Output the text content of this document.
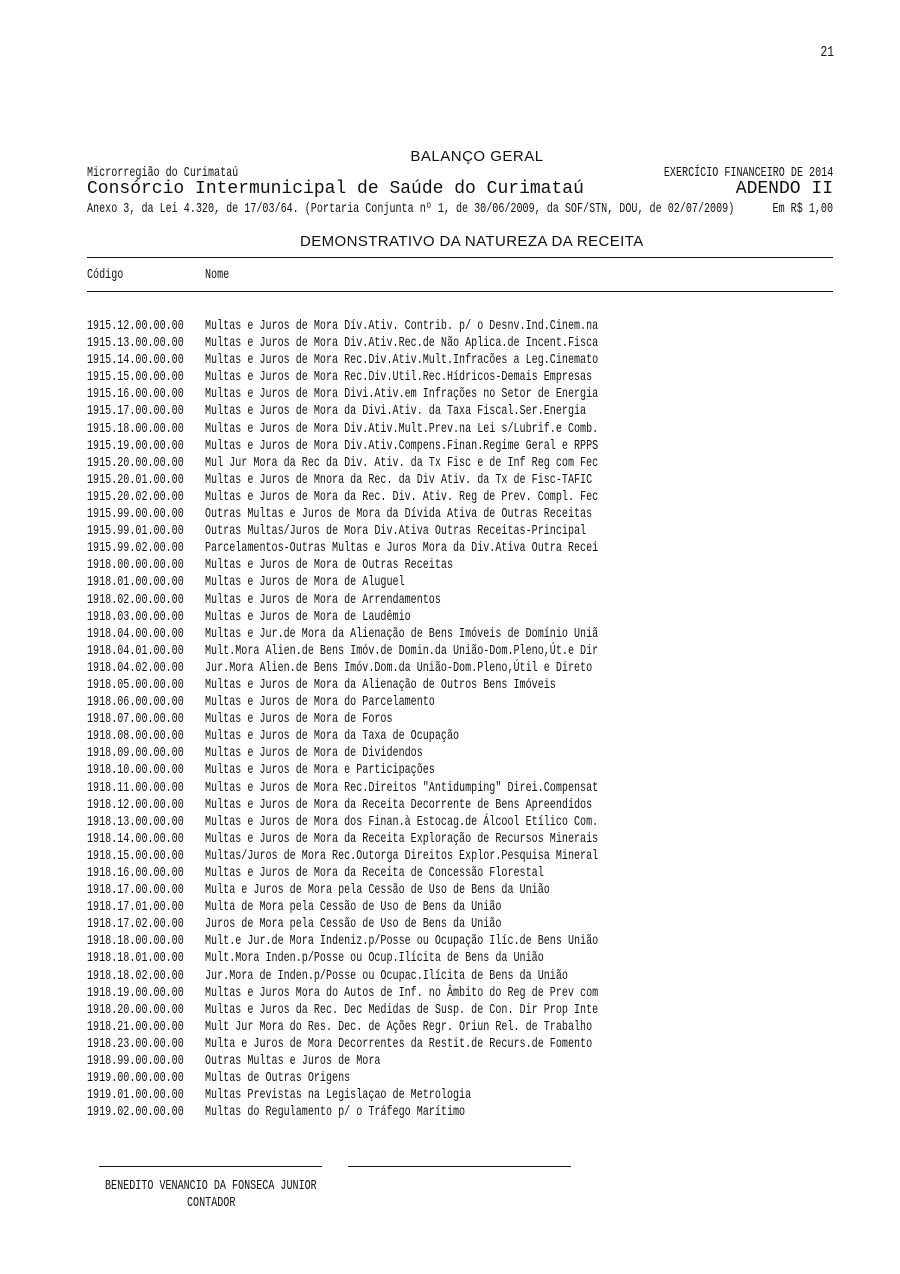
21
BALANÇO GERAL
Microrregião do Curimataú	EXERCÍCIO FINANCEIRO DE 2014
Consórcio Intermunicipal de Saúde do Curimataú	ADENDO II
Anexo 3, da Lei 4.320, de 17/03/64. (Portaria Conjunta nº 1, de 30/06/2009, da SOF/STN, DOU, de 02/07/2009)	Em R$ 1,00
DEMONSTRATIVO DA NATUREZA DA RECEITA
Código	Nome
1915.12.00.00.00 Multas e Juros de Mora Dív.Ativ. Contrib. p/ o Desnv.Ind.Cinem.na
1915.13.00.00.00 Multas e Juros de Mora Div.Ativ.Rec.de Não Aplica.de Incent.Fisca
1915.14.00.00.00 Multas e Juros de Mora Rec.Div.Ativ.Mult.Infracões a Leg.Cinemato
1915.15.00.00.00 Multas e Juros de Mora Rec.Div.Util.Rec.Hídricos-Demais Empresas
1915.16.00.00.00 Multas e Juros de Mora Divi.Ativ.em Infrações no Setor de Energia
1915.17.00.00.00 Multas e Juros de Mora da Divi.Ativ. da Taxa Fiscal.Ser.Energia
1915.18.00.00.00 Multas e Juros de Mora Div.Ativ.Mult.Prev.na Lei s/Lubrif.e Comb.
1915.19.00.00.00 Multas e Juros de Mora Div.Ativ.Compens.Finan.Regime Geral e RPPS
1915.20.00.00.00 Mul Jur Mora da Rec da Div. Ativ. da Tx Fisc e de Inf Reg com Fec
1915.20.01.00.00 Multas e Juros de Mnora da Rec. da Div Ativ. da Tx de Fisc-TAFIC
1915.20.02.00.00 Multas e Juros de Mora da Rec. Div. Ativ. Reg de Prev. Compl. Fec
1915.99.00.00.00 Outras Multas e Juros de Mora da Dívida Ativa de Outras Receitas
1915.99.01.00.00 Outras Multas/Juros de Mora Div.Ativa Outras Receitas-Principal
1915.99.02.00.00 Parcelamentos-Outras Multas e Juros Mora da Div.Ativa Outra Recei
1918.00.00.00.00 Multas e Juros de Mora de Outras Receitas
1918.01.00.00.00 Multas e Juros de Mora de Aluguel
1918.02.00.00.00 Multas e Juros de Mora de Arrendamentos
1918.03.00.00.00 Multas e Juros de Mora de Laudêmio
1918.04.00.00.00 Multas e Jur.de Mora da Alienação de Bens Imóveis de Domínio Uniã
1918.04.01.00.00 Mult.Mora Alien.de Bens Imóv.de Domin.da União-Dom.Pleno,Út.e Dir
1918.04.02.00.00 Jur.Mora Alien.de Bens Imóv.Dom.da União-Dom.Pleno,Útil e Direto
1918.05.00.00.00 Multas e Juros de Mora da Alienação de Outros Bens Imóveis
1918.06.00.00.00 Multas e Juros de Mora do Parcelamento
1918.07.00.00.00 Multas e Juros de Mora de Foros
1918.08.00.00.00 Multas e Juros de Mora da Taxa de Ocupação
1918.09.00.00.00 Multas e Juros de Mora de Dividendos
1918.10.00.00.00 Multas e Juros de Mora e Participações
1918.11.00.00.00 Multas e Juros de Mora Rec.Direitos "Antidumping" Direi.Compensat
1918.12.00.00.00 Multas e Juros de Mora da Receita Decorrente de Bens Apreendidos
1918.13.00.00.00 Multas e Juros de Mora dos Finan.à Estocag.de Álcool Etílico Com.
1918.14.00.00.00 Multas e Juros de Mora da Receita Exploração de Recursos Minerais
1918.15.00.00.00 Multas/Juros de Mora Rec.Outorga Direitos Explor.Pesquisa Mineral
1918.16.00.00.00 Multas e Juros de Mora da Receita de Concessão Florestal
1918.17.00.00.00 Multa e Juros de Mora pela Cessão de Uso de Bens da União
1918.17.01.00.00 Multa de Mora pela Cessão de Uso de Bens da União
1918.17.02.00.00 Juros de Mora pela Cessão de Uso de Bens da União
1918.18.00.00.00 Mult.e Jur.de Mora Indeniz.p/Posse ou Ocupação Ilíc.de Bens União
1918.18.01.00.00 Mult.Mora Inden.p/Posse ou Ocup.Ilícita de Bens da União
1918.18.02.00.00 Jur.Mora de Inden.p/Posse ou Ocupac.Ilícita de Bens da União
1918.19.00.00.00 Multas e Juros Mora do Autos de Inf. no Âmbito do Reg de Prev com
1918.20.00.00.00 Multas e Juros da Rec. Dec Medidas de Susp. de Con. Dir Prop Inte
1918.21.00.00.00 Mult Jur Mora do Res. Dec. de Ações Regr. Oriun Rel. de Trabalho
1918.23.00.00.00 Multa e Juros de Mora Decorrentes da Restit.de Recurs.de Fomento
1918.99.00.00.00 Outras Multas e Juros de Mora
1919.00.00.00.00 Multas de Outras Origens
1919.01.00.00.00 Multas Previstas na Legislaçao de Metrologia
1919.02.00.00.00 Multas do Regulamento p/ o Tráfego Marítimo
BENEDITO VENANCIO DA FONSECA JUNIOR
CONTADOR
